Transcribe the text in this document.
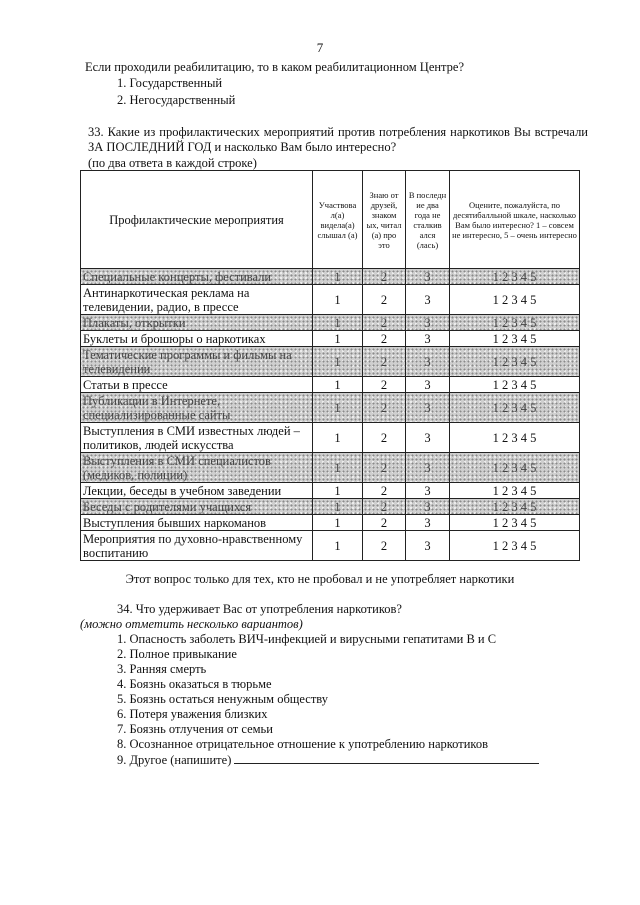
7
Если проходили реабилитацию, то в каком реабилитационном Центре?
1. Государственный
2. Негосударственный
33. Какие из профилактических мероприятий против потребления наркотиков Вы встречали ЗА ПОСЛЕДНИЙ ГОД и насколько Вам было интересно?
(по два ответа в каждой строке)
Профилактические мероприятия	Участвова л(а) видела(а) слышал (а)	Знаю от друзей, знаком ых, читал (а) про это	В последн ие два года не сталкив ался (лась)	Оцените, пожалуйста, по десятибалльной шкале, насколько Вам было интересно? 1 – совсем не интересно, 5 – очень интересно
Специальные концерты, фестивали	1	2	3	1 2 3 4 5
Антинаркотическая реклама на телевидении, радио, в прессе	1	2	3	1 2 3 4 5
Плакаты, открытки	1	2	3	1 2 3 4 5
Буклеты и брошюры о наркотиках	1	2	3	1 2 3 4 5
Тематические программы и фильмы на телевидении	1	2	3	1 2 3 4 5
Статьи в прессе	1	2	3	1 2 3 4 5
Публикации в Интернете, специализированные сайты	1	2	3	1 2 3 4 5
Выступления в СМИ известных людей – политиков, людей искусства	1	2	3	1 2 3 4 5
Выступления в СМИ специалистов (медиков, полиции)	1	2	3	1 2 3 4 5
Лекции, беседы в учебном заведении	1	2	3	1 2 3 4 5
Беседы с родителями учащихся	1	2	3	1 2 3 4 5
Выступления бывших наркоманов	1	2	3	1 2 3 4 5
Мероприятия по духовно-нравственному воспитанию	1	2	3	1 2 3 4 5
Этот вопрос только для тех, кто не пробовал и не употребляет наркотики
34. Что удерживает Вас от употребления наркотиков?
(можно отметить несколько вариантов)
1. Опасность заболеть ВИЧ-инфекцией и вирусными гепатитами В и С
2. Полное привыкание
3. Ранняя смерть
4. Боязнь оказаться в тюрьме
5. Боязнь остаться ненужным обществу
6. Потеря уважения близких
7. Боязнь отлучения от семьи
8. Осознанное отрицательное отношение к употреблению наркотиков
9. Другое (напишите)
